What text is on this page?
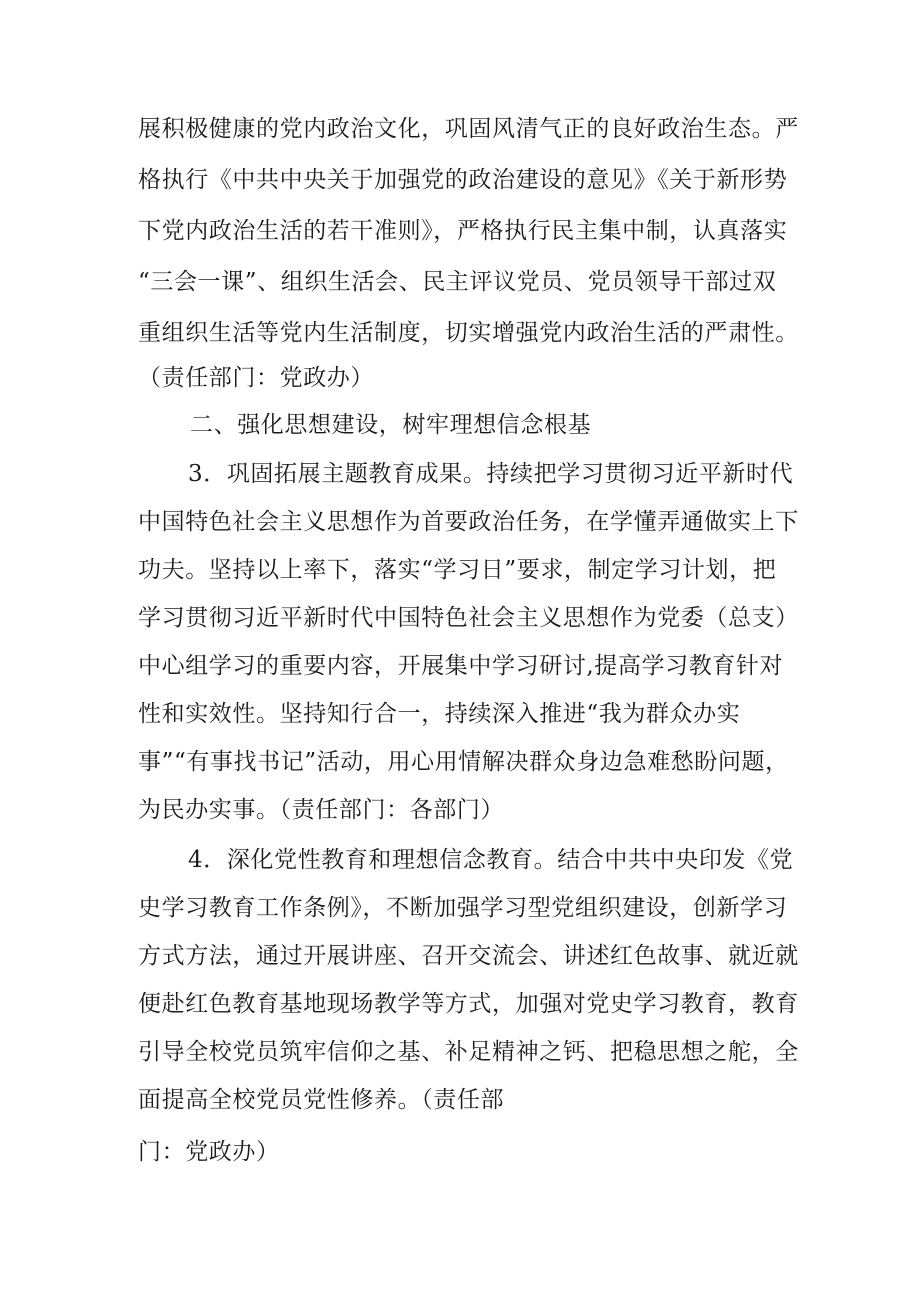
展积极健康的党内政治文化，巩固风清气正的良好政治生态。严
格执行《中共中央关于加强党的政治建设的意见》《关于新形势
下党内政治生活的若干准则》，严格执行民主集中制，认真落实
“三会一课”、组织生活会、民主评议党员、党员领导干部过双
重组织生活等党内生活制度，切实增强党内政治生活的严肃性。
（责任部门：党政办）
二、强化思想建设，树牢理想信念根基
3．巩固拓展主题教育成果。持续把学习贯彻习近平新时代
中国特色社会主义思想作为首要政治任务，在学懂弄通做实上下
功夫。坚持以上率下，落实“学习日”要求，制定学习计划，把
学习贯彻习近平新时代中国特色社会主义思想作为党委（总支）
中心组学习的重要内容，开展集中学习研讨,提高学习教育针对
性和实效性。坚持知行合一，持续深入推进“我为群众办实
事”“有事找书记”活动，用心用情解决群众身边急难愁盼问题，
为民办实事。（责任部门：各部门）
4．深化党性教育和理想信念教育。结合中共中央印发《党
史学习教育工作条例》，不断加强学习型党组织建设，创新学习
方式方法，通过开展讲座、召开交流会、讲述红色故事、就近就
便赴红色教育基地现场教学等方式，加强对党史学习教育，教育
引导全校党员筑牢信仰之基、补足精神之钙、把稳思想之舵，全
面提高全校党员党性修养。（责任部
门：党政办）
